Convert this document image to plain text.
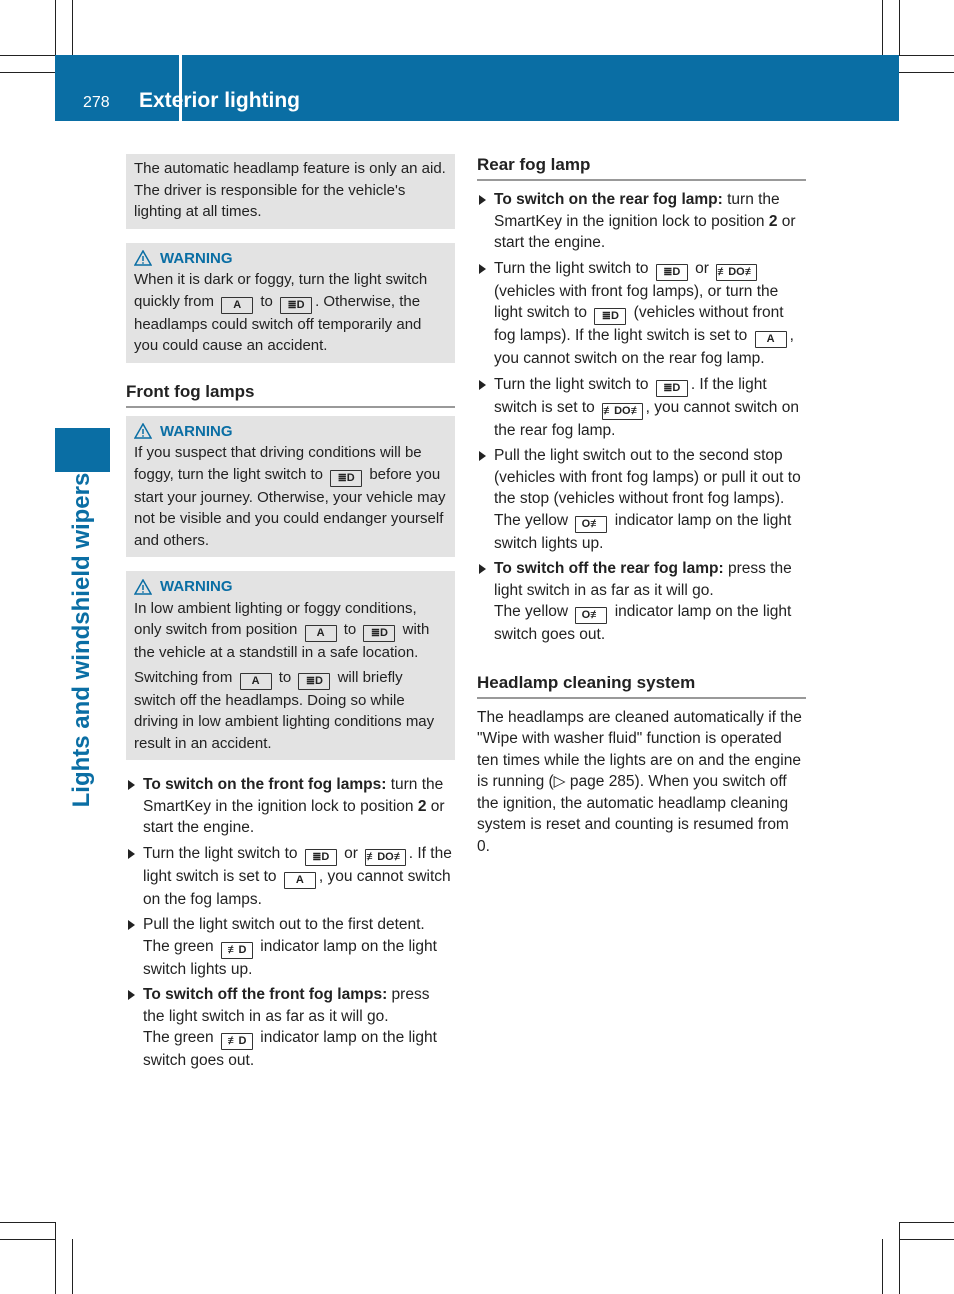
278 Exterior lighting
Lights and windshield wipers
The automatic headlamp feature is only an aid. The driver is responsible for the vehicle's lighting at all times.
WARNING
When it is dark or foggy, turn the light switch quickly from A to ≣D . Otherwise, the headlamps could switch off temporarily and you could cause an accident.
Front fog lamps
WARNING
If you suspect that driving conditions will be foggy, turn the light switch to ≣D before you start your journey. Otherwise, your vehicle may not be visible and you could endanger yourself and others.
WARNING
In low ambient lighting or foggy conditions, only switch from position A to ≣D with the vehicle at a standstill in a safe location.
Switching from A to ≣D will briefly switch off the headlamps. Doing so while driving in low ambient lighting conditions may result in an accident.
To switch on the front fog lamps: turn the SmartKey in the ignition lock to position 2 or start the engine.
Turn the light switch to ≣D or ≢DO≢ . If the light switch is set to A , you cannot switch on the fog lamps.
Pull the light switch out to the first detent.
The green ≢D indicator lamp on the light switch lights up.
To switch off the front fog lamps: press the light switch in as far as it will go.
The green ≢D indicator lamp on the light switch goes out.
Rear fog lamp
To switch on the rear fog lamp: turn the SmartKey in the ignition lock to position 2 or start the engine.
Turn the light switch to ≣D or ≢DO≢ (vehicles with front fog lamps), or turn the light switch to ≣D (vehicles without front fog lamps). If the light switch is set to A , you cannot switch on the rear fog lamp.
Turn the light switch to ≣D . If the light switch is set to ≢DO≢ , you cannot switch on the rear fog lamp.
Pull the light switch out to the second stop (vehicles with front fog lamps) or pull it out to the stop (vehicles without front fog lamps).
The yellow O≢ indicator lamp on the light switch lights up.
To switch off the rear fog lamp: press the light switch in as far as it will go.
The yellow O≢ indicator lamp on the light switch goes out.
Headlamp cleaning system
The headlamps are cleaned automatically if the "Wipe with washer fluid" function is operated ten times while the lights are on and the engine is running (▷ page 285). When you switch off the ignition, the automatic headlamp cleaning system is reset and counting is resumed from 0.
